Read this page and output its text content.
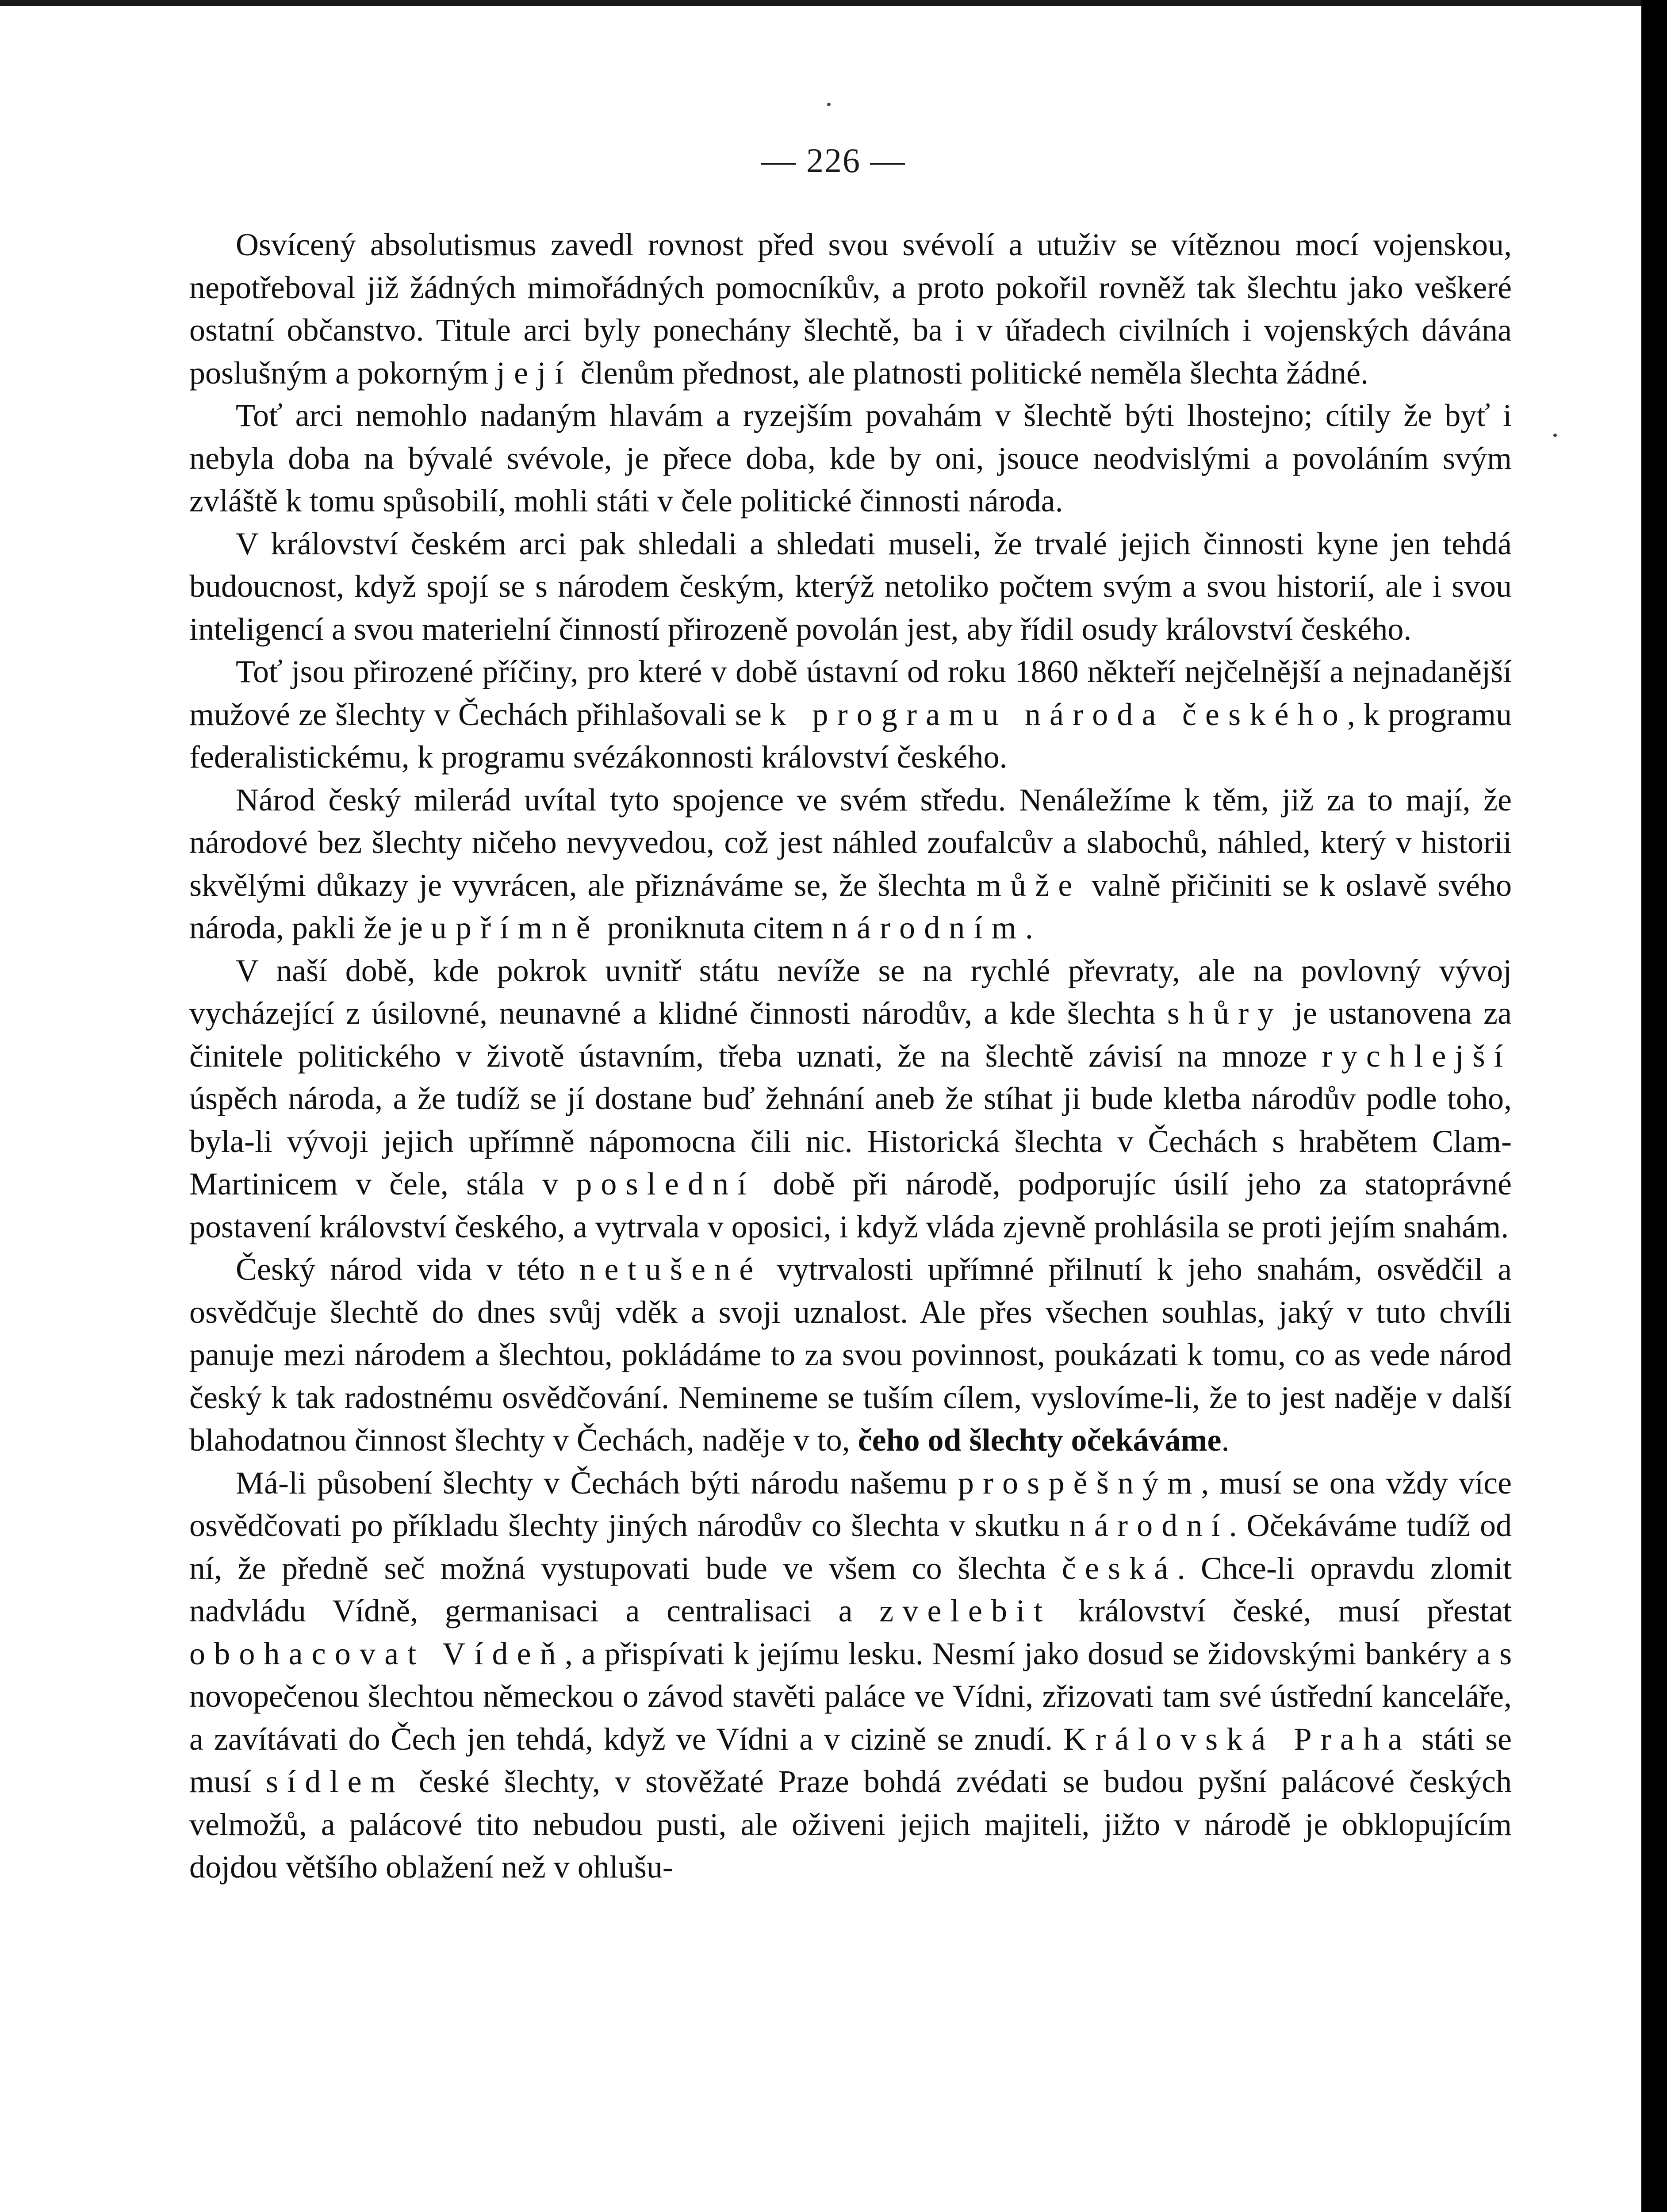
— 226 —

Osvícený absolutismus zavedl rovnost před svou svévolí a utuživ se vítěznou mocí vojenskou, nepotřeboval již žádných mimořádných pomocníkův, a proto pokořil rovněž tak šlechtu jako veškeré ostatní občanstvo. Titule arci byly ponechány šlechtě, ba i v úřadech civilních i vojenských dávána poslušným a pokorným její členům přednost, ale platnosti politické neměla šlechta žádné.

Toť arci nemohlo nadaným hlavám a ryzejším povahám v šlechtě býti lhostejno; cítily že byť i nebyla doba na bývalé svévole, je přece doba, kde by oni, jsouce neodvislými a povoláním svým zvláště k tomu spůsobilí, mohli státi v čele politické činnosti národa.

V království českém arci pak shledali a shledati museli, že trvalé jejich činnosti kyne jen tehdá budoucnost, když spojí se s národem českým, kterýž netoliko počtem svým a svou historií, ale i svou inteligencí a svou materielní činností přirozeně povolán jest, aby řídil osudy království českého.

Toť jsou přirozené příčiny, pro které v době ústavní od roku 1860 někteří nejčelnější a nejnadanější mužové ze šlechty v Čechách přihlašovali se k programu národa českého, k programu federalistickému, k programu svézákonnosti království českého.

Národ český milerád uvítal tyto spojence ve svém středu. Nenáležíme k těm, již za to mají, že národové bez šlechty ničeho nevyvedou, což jest náhled zoufalcův a slabochů, náhled, který v historii skvělými důkazy je vyvrácen, ale přiznáváme se, že šlechta může valně přičiniti se k oslavě svého národa, pakli že je upřímně proniknuta citem národním.

V naší době, kde pokrok uvnitř státu nevíže se na rychlé převraty, ale na povlovný vývoj vycházející z úsilovné, neunavné a klidné činnosti národův, a kde šlechta shůry je ustanovena za činitele politického v životě ústavním, třeba uznati, že na šlechtě závisí na mnoze rychlejší úspěch národa, a že tudíž se jí dostane buď žehnání aneb že stíhat ji bude kletba národův podle toho, byla-li vývoji jejich upřímně nápomocna čili nic. Historická šlechta v Čechách s hrabětem Clam-Martinicem v čele, stála v poslední době při národě, podporujíc úsilí jeho za statoprávné postavení království českého, a vytrvala v oposici, i když vláda zjevně prohlásila se proti jejím snahám.

Český národ vida v této netušené vytrvalosti upřímné přilnutí k jeho snahám, osvědčil a osvědčuje šlechtě do dnes svůj vděk a svoji uznalost. Ale přes všechen souhlas, jaký v tuto chvíli panuje mezi národem a šlechtou, pokládáme to za svou povinnost, poukázati k tomu, co as vede národ český k tak radostnému osvědčování. Nemineme se tuším cílem, vyslovíme-li, že to jest naděje v další blahodatnou činnost šlechty v Čechách, naděje v to, čeho od šlechty očekáváme.

Má-li působení šlechty v Čechách býti národu našemu prospěšným, musí se ona vždy více osvědčovati po příkladu šlechty jiných národův co šlechta v skutku národní. Očekáváme tudíž od ní, že předně seč možná vystupovati bude ve všem co šlechta česká. Chce-li opravdu zlomit nadvládu Vídně, germanisaci a centralisaci a zvelebit království české, musí přestat obohacovat Vídeň, a přispívati k jejímu lesku. Nesmí jako dosud se židovskými bankéry a s novopečenou šlechtou německou o závod stavěti paláce ve Vídni, zřizovati tam své ústřední kanceláře, a zavítávati do Čech jen tehdá, když ve Vídni a v cizině se znudí. Královská Praha státi se musí sídlem české šlechty, v stověžaté Praze bohdá zvédati se budou pyšní palácové českých velmožů, a palácové tito nebudou pusti, ale oživeni jejich majiteli, jižto v národě je obklopujícím dojdou většího oblažení než v ohlušu-
